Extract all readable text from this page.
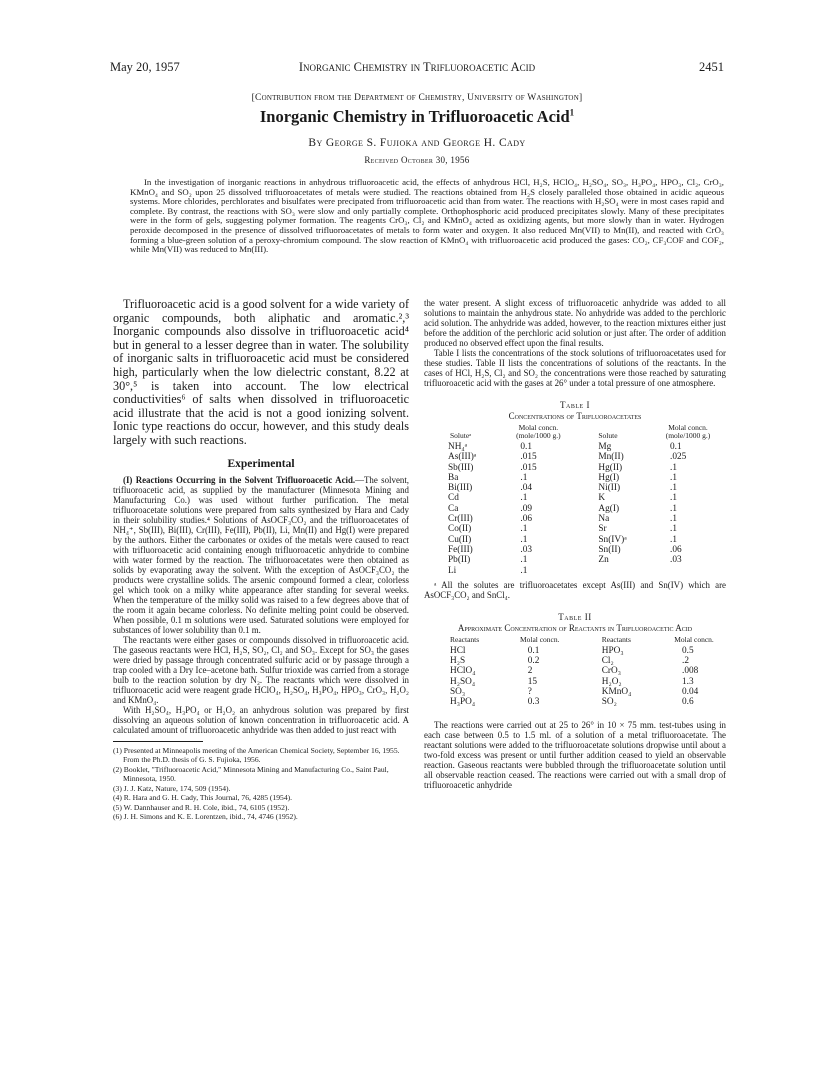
May 20, 1957	Inorganic Chemistry in Trifluoroacetic Acid	2451
[Contribution from the Department of Chemistry, University of Washington]
Inorganic Chemistry in Trifluoroacetic Acid$^1$
By George S. Fujioka and George H. Cady
Received October 30, 1956

In the investigation of inorganic reactions in anhydrous trifluoroacetic acid, the effects of anhydrous HCl, H₂S, HClO₄, H₂SO₄, SO₃, H₃PO₄, HPO₃, Cl₂, CrO₃, KMnO₄ and SO₂ upon 25 dissolved trifluoroacetates of metals were studied. The reactions obtained from H₂S closely paralleled those obtained in acidic aqueous systems. More chlorides, perchlorates and bisulfates were precipated from trifluoroacetic acid than from water. The reactions with H₂SO₄ were in most cases rapid and complete. By contrast, the reactions with SO₃ were slow and only partially complete. Orthophosphoric acid produced precipitates slowly. Many of these precipitates were in the form of gels, suggesting polymer formation. The reagents CrO₃, Cl₂ and KMnO₄ acted as oxidizing agents, but more slowly than in water. Hydrogen peroxide decomposed in the presence of dissolved trifluoroacetates of metals to form water and oxygen. It also reduced Mn(VII) to Mn(II), and reacted with CrO₃ forming a blue-green solution of a peroxy-chromium compound. The slow reaction of KMnO₄ with trifluoroacetic acid produced the gases: CO₂, CF₃COF and COF₂, while Mn(VII) was reduced to Mn(III).

Trifluoroacetic acid is a good solvent for a wide variety of organic compounds, both aliphatic and aromatic.²,³ Inorganic compounds also dissolve in trifluoroacetic acid⁴ but in general to a lesser degree than in water. The solubility of inorganic salts in trifluoroacetic acid must be considered high, particularly when the low dielectric constant, 8.22 at 30°,⁵ is taken into account. The low electrical conductivities⁶ of salts when dissolved in trifluoroacetic acid illustrate that the acid is not a good ionizing solvent. Ionic type reactions do occur, however, and this study deals largely with such reactions.

Experimental

(I) Reactions Occurring in the Solvent Trifluoroacetic Acid.—The solvent, trifluoroacetic acid, as supplied by the manufacturer (Minnesota Mining and Manufacturing Co.) was used without further purification. The metal trifluoroacetate solutions were prepared from salts synthesized by Hara and Cady in their solubility studies.⁴ Solutions of AsOCF₃CO₂ and the trifluoroacetates of NH₄⁺, Sb(III), Bi(III), Cr(III), Fe(III), Pb(II), Li, Mn(II) and Hg(I) were prepared by the authors. Either the carbonates or oxides of the metals were caused to react with trifluoroacetic acid containing enough trifluoroacetic anhydride to combine with water formed by the reaction. The trifluoroacetates were then obtained as solids by evaporating away the solvent. With the exception of AsOCF₃CO₂ the products were crystalline solids. The arsenic compound formed a clear, colorless gel which took on a milky white appearance after standing for several weeks. When the temperature of the milky solid was raised to a few degrees above that of the room it again became colorless. No definite melting point could be observed. When possible, 0.1 m solutions were used. Saturated solutions were employed for substances of lower solubility than 0.1 m.

The reactants were either gases or compounds dissolved in trifluoroacetic acid. The gaseous reactants were HCl, H₂S, SO₂, Cl₂ and SO₃. Except for SO₃ the gases were dried by passage through concentrated sulfuric acid or by passage through a trap cooled with a Dry Ice–acetone bath. Sulfur trioxide was carried from a storage bulb to the reaction solution by dry N₂. The reactants which were dissolved in trifluoroacetic acid were reagent grade HClO₄, H₂SO₄, H₃PO₄, HPO₃, CrO₃, H₂O₂ and KMnO₄.

With H₂SO₄, H₃PO₄ or H₂O₂ an anhydrous solution was prepared by first dissolving an aqueous solution of known concentration in trifluoroacetic acid. A calculated amount of trifluoroacetic anhydride was then added to just react with

(1) Presented at Minneapolis meeting of the American Chemical Society, September 16, 1955. From the Ph.D. thesis of G. S. Fujioka, 1956.

(2) Booklet, "Trifluoroacetic Acid," Minnesota Mining and Manufacturing Co., Saint Paul, Minnesota, 1950.

(3) J. J. Katz, Nature, 174, 509 (1954).

(4) R. Hara and G. H. Cady, This Journal, 76, 4285 (1954).

(5) W. Dannhauser and R. H. Cole, ibid., 74, 6105 (1952).

(6) J. H. Simons and K. E. Lorentzen, ibid., 74, 4746 (1952).

the water present. A slight excess of trifluoroacetic anhydride was added to all solutions to maintain the anhydrous state. No anhydride was added to the perchloric acid solution. The anhydride was added, however, to the reaction mixtures either just before the addition of the perchloric acid solution or just after. The order of addition produced no observed effect upon the final results.

Table I lists the concentrations of the stock solutions of trifluoroacetates used for these studies. Table II lists the concentrations of solutions of the reactants. In the cases of HCl, H₂S, Cl₂ and SO₂ the concentrations were those reached by saturating trifluoroacetic acid with the gases at 26° under a total pressure of one atmosphere.

Table I
Concentrations of Trifluoroacetates
Soluteᵃ	Molal concn. (mole/1000 g.)	Solute	Molal concn. (mole/1000 g.)
NH₄ᵃ	0.1	Mg	0.1
As(III)ᵃ	.015	Mn(II)	.025
Sb(III)	.015	Hg(II)	.1
Ba	.1	Hg(I)	.1
Bi(III)	.04	Ni(II)	.1
Cd	.1	K	.1
Ca	.09	Ag(I)	.1
Cr(III)	.06	Na	.1
Co(II)	.1	Sr	.1
Cu(II)	.1	Sn(IV)ᵃ	.1
Fe(III)	.03	Sn(II)	.06
Pb(II)	.1	Zn	.03
Li	.1		

ᵃ All the solutes are trifluoroacetates except As(III) and Sn(IV) which are AsOCF₃CO₂ and SnCl₄.

Table II
Approximate Concentration of Reactants in Trifluoroacetic Acid
Reactants	Molal concn.	Reactants	Molal concn.
HCl	0.1	HPO₃	0.5
H₂S	0.2	Cl₂	.2
HClO₄	2	CrO₃	.008
H₂SO₄	15	H₂O₂	1.3
SO₃	?	KMnO₄	0.04
H₃PO₄	0.3	SO₂	0.6

The reactions were carried out at 25 to 26° in 10 × 75 mm. test-tubes using in each case between 0.5 to 1.5 ml. of a solution of a metal trifluoroacetate. The reactant solutions were added to the trifluoroacetate solutions dropwise until about a two-fold excess was present or until further addition ceased to yield an observable reaction. Gaseous reactants were bubbled through the trifluoroacetate solution until all observable reaction ceased. The reactions were carried out with a small drop of trifluoroacetic anhydride
